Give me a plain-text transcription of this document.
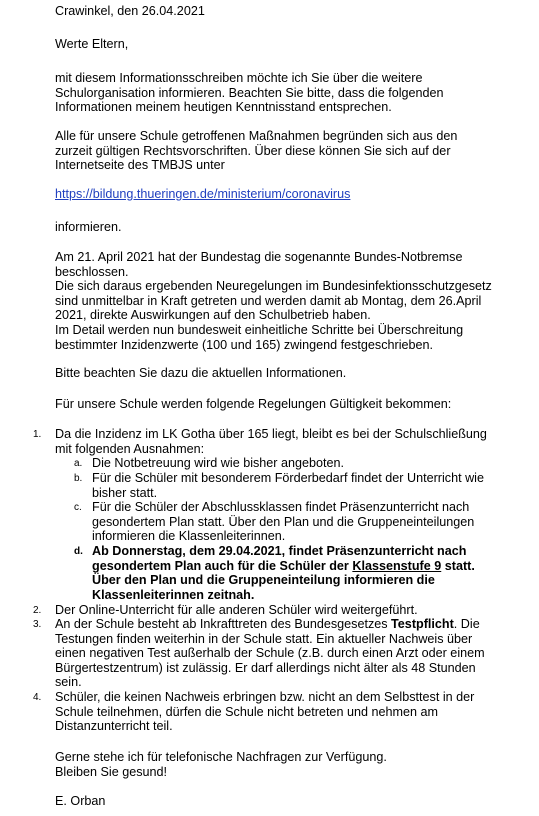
Crawinkel, den 26.04.2021

Werte Eltern,

mit diesem Informationsschreiben möchte ich Sie über die weitere

Schulorganisation informieren. Beachten Sie bitte, dass die folgenden

Informationen meinem heutigen Kenntnisstand entsprechen.

Alle für unsere Schule getroffenen Maßnahmen begründen sich aus den

zurzeit gültigen Rechtsvorschriften. Über diese können Sie sich auf der

Internetseite des TMBJS unter

https://bildung.thueringen.de/ministerium/coronavirus

informieren.

Am 21. April 2021 hat der Bundestag die sogenannte Bundes-Notbremse

beschlossen.

Die sich daraus ergebenden Neuregelungen im Bundesinfektionsschutzgesetz

sind unmittelbar in Kraft getreten und werden damit ab Montag, dem 26.April

2021, direkte Auswirkungen auf den Schulbetrieb haben.

Im Detail werden nun bundesweit einheitliche Schritte bei Überschreitung

bestimmter Inzidenzwerte (100 und 165) zwingend festgeschrieben.

Bitte beachten Sie dazu die aktuellen Informationen.

Für unsere Schule werden folgende Regelungen Gültigkeit bekommen:

1.	Da die Inzidenz im LK Gotha über 165 liegt, bleibt es bei der Schulschließung
mit folgenden Ausnahmen:
a. Die Notbetreuung wird wie bisher angeboten.
b. Für die Schüler mit besonderem Förderbedarf findet der Unterricht wie
bisher statt.
c. Für die Schüler der Abschlussklassen findet Präsenzunterricht nach
gesondertem Plan statt. Über den Plan und die Gruppeneinteilungen
informieren die Klassenleiterinnen.
d. Ab Donnerstag, dem 29.04.2021, findet Präsenzunterricht nach
gesondertem Plan auch für die Schüler der Klassenstufe 9 statt.
Über den Plan und die Gruppeneinteilung informieren die
Klassenleiterinnen zeitnah.
2.	Der Online-Unterricht für alle anderen Schüler wird weitergeführt.
3.	An der Schule besteht ab Inkrafttreten des Bundesgesetzes Testpflicht. Die
Testungen finden weiterhin in der Schule statt. Ein aktueller Nachweis über
einen negativen Test außerhalb der Schule (z.B. durch einen Arzt oder einem
Bürgertestzentrum) ist zulässig. Er darf allerdings nicht älter als 48 Stunden
sein.
4.	Schüler, die keinen Nachweis erbringen bzw. nicht an dem Selbsttest in der
Schule teilnehmen, dürfen die Schule nicht betreten und nehmen am
Distanzunterricht teil.

Gerne stehe ich für telefonische Nachfragen zur Verfügung.

Bleiben Sie gesund!

E. Orban
